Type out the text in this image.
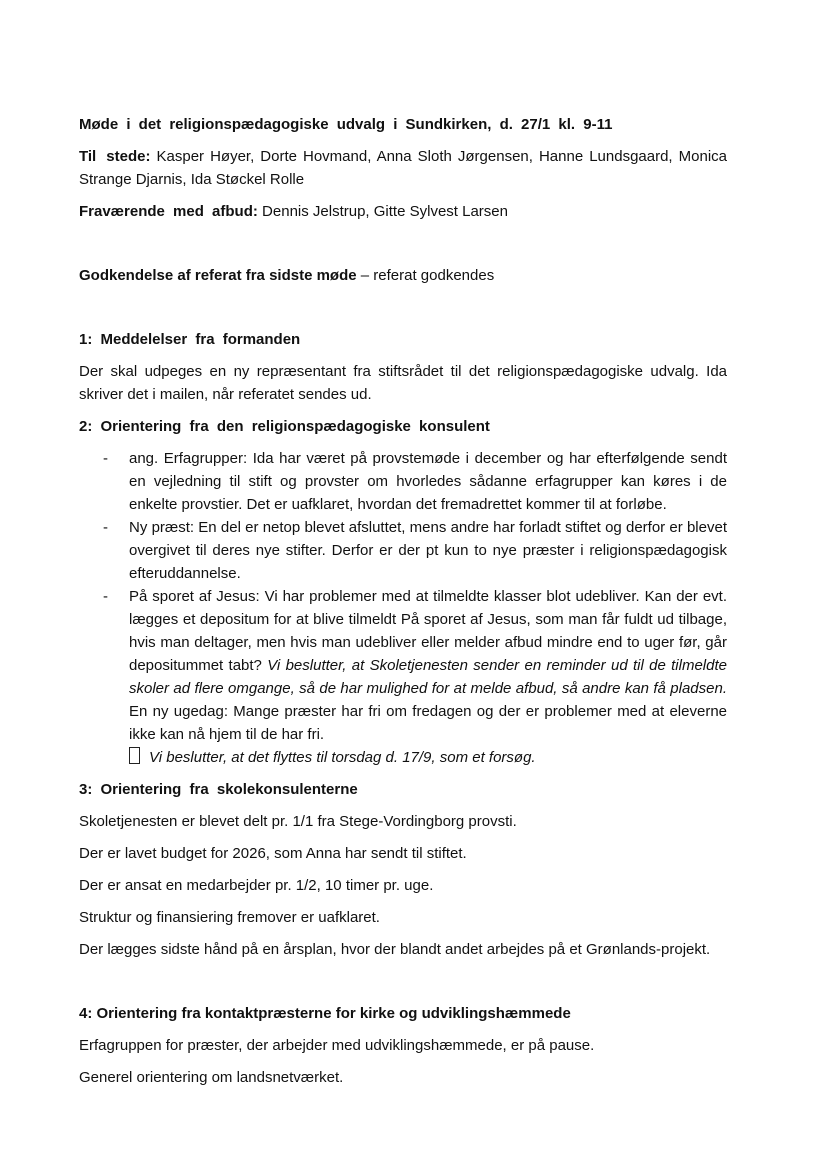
Møde i det religionspædagogiske udvalg i Sundkirken, d. 27/1 kl. 9-11

Til stede: Kasper Høyer, Dorte Hovmand, Anna Sloth Jørgensen, Hanne Lundsgaard, Monica Strange Djarnis, Ida Støckel Rolle

Fraværende med afbud: Dennis Jelstrup, Gitte Sylvest Larsen

Godkendelse af referat fra sidste møde – referat godkendes

1: Meddelelser fra formanden

Der skal udpeges en ny repræsentant fra stiftsrådet til det religionspædagogiske udvalg. Ida skriver det i mailen, når referatet sendes ud.

2: Orientering fra den religionspædagogiske konsulent

- ang. Erfagrupper: Ida har været på provstemøde i december og har efterfølgende sendt en vejledning til stift og provster om hvorledes sådanne erfagrupper kan køres i de enkelte provstier. Det er uafklaret, hvordan det fremadrettet kommer til at forløbe.
- Ny præst: En del er netop blevet afsluttet, mens andre har forladt stiftet og derfor er blevet overgivet til deres nye stifter. Derfor er der pt kun to nye præster i religionspædagogisk efteruddannelse.
- På sporet af Jesus: Vi har problemer med at tilmeldte klasser blot udebliver. Kan der evt. lægges et depositum for at blive tilmeldt På sporet af Jesus, som man får fuldt ud tilbage, hvis man deltager, men hvis man udebliver eller melder afbud mindre end to uger før, går depositummet tabt? Vi beslutter, at Skoletjenesten sender en reminder ud til de tilmeldte skoler ad flere omgange, så de har mulighed for at melde afbud, så andre kan få pladsen. En ny ugedag: Mange præster har fri om fredagen og der er problemer med at eleverne ikke kan nå hjem til de har fri.
Vi beslutter, at det flyttes til torsdag d. 17/9, som et forsøg.

3: Orientering fra skolekonsulenterne

Skoletjenesten er blevet delt pr. 1/1 fra Stege-Vordingborg provsti.

Der er lavet budget for 2026, som Anna har sendt til stiftet.

Der er ansat en medarbejder pr. 1/2, 10 timer pr. uge.

Struktur og finansiering fremover er uafklaret.

Der lægges sidste hånd på en årsplan, hvor der blandt andet arbejdes på et Grønlands-projekt.

4: Orientering fra kontaktpræsterne for kirke og udviklingshæmmede

Erfagruppen for præster, der arbejder med udviklingshæmmede, er på pause.

Generel orientering om landsnetværket.
